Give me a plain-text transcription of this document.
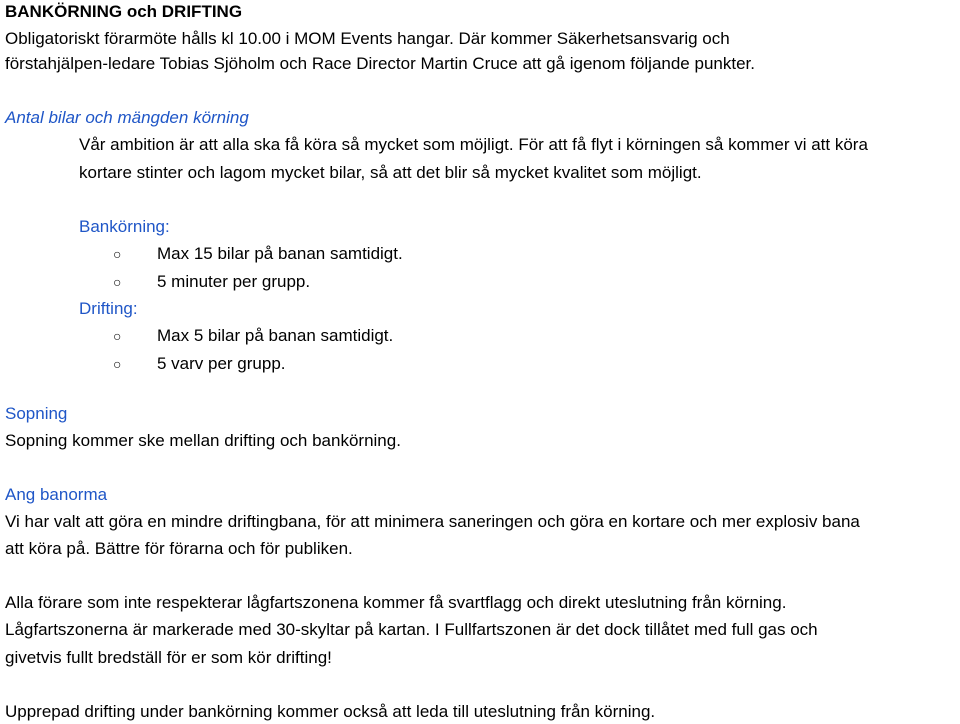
BANKÖRNING och DRIFTING
Obligatoriskt förarmöte hålls kl 10.00 i MOM Events hangar. Där kommer Säkerhetsansvarig och
förstahjälpen-ledare Tobias Sjöholm och Race Director Martin Cruce att gå igenom följande punkter.
Antal bilar och mängden körning
Vår ambition är att alla ska få köra så mycket som möjligt. För att få flyt i körningen så kommer vi att köra
kortare stinter och lagom mycket bilar, så att det blir så mycket kvalitet som möjligt.
Bankörning:
○ Max 15 bilar på banan samtidigt.
○ 5 minuter per grupp.
Drifting:
○ Max 5 bilar på banan samtidigt.
○ 5 varv per grupp.
Sopning
Sopning kommer ske mellan drifting och bankörning.
Ang banorma
Vi har valt att göra en mindre driftingbana, för att minimera saneringen och göra en kortare och mer explosiv bana
att köra på. Bättre för förarna och för publiken.
Alla förare som inte respekterar lågfartszonena kommer få svartflagg och direkt uteslutning från körning.
Lågfartszonerna är markerade med 30-skyltar på kartan. I Fullfartszonen är det dock tillåtet med full gas och
givetvis fullt bredställ för er som kör drifting!
Upprepad drifting under bankörning kommer också att leda till uteslutning från körning.
